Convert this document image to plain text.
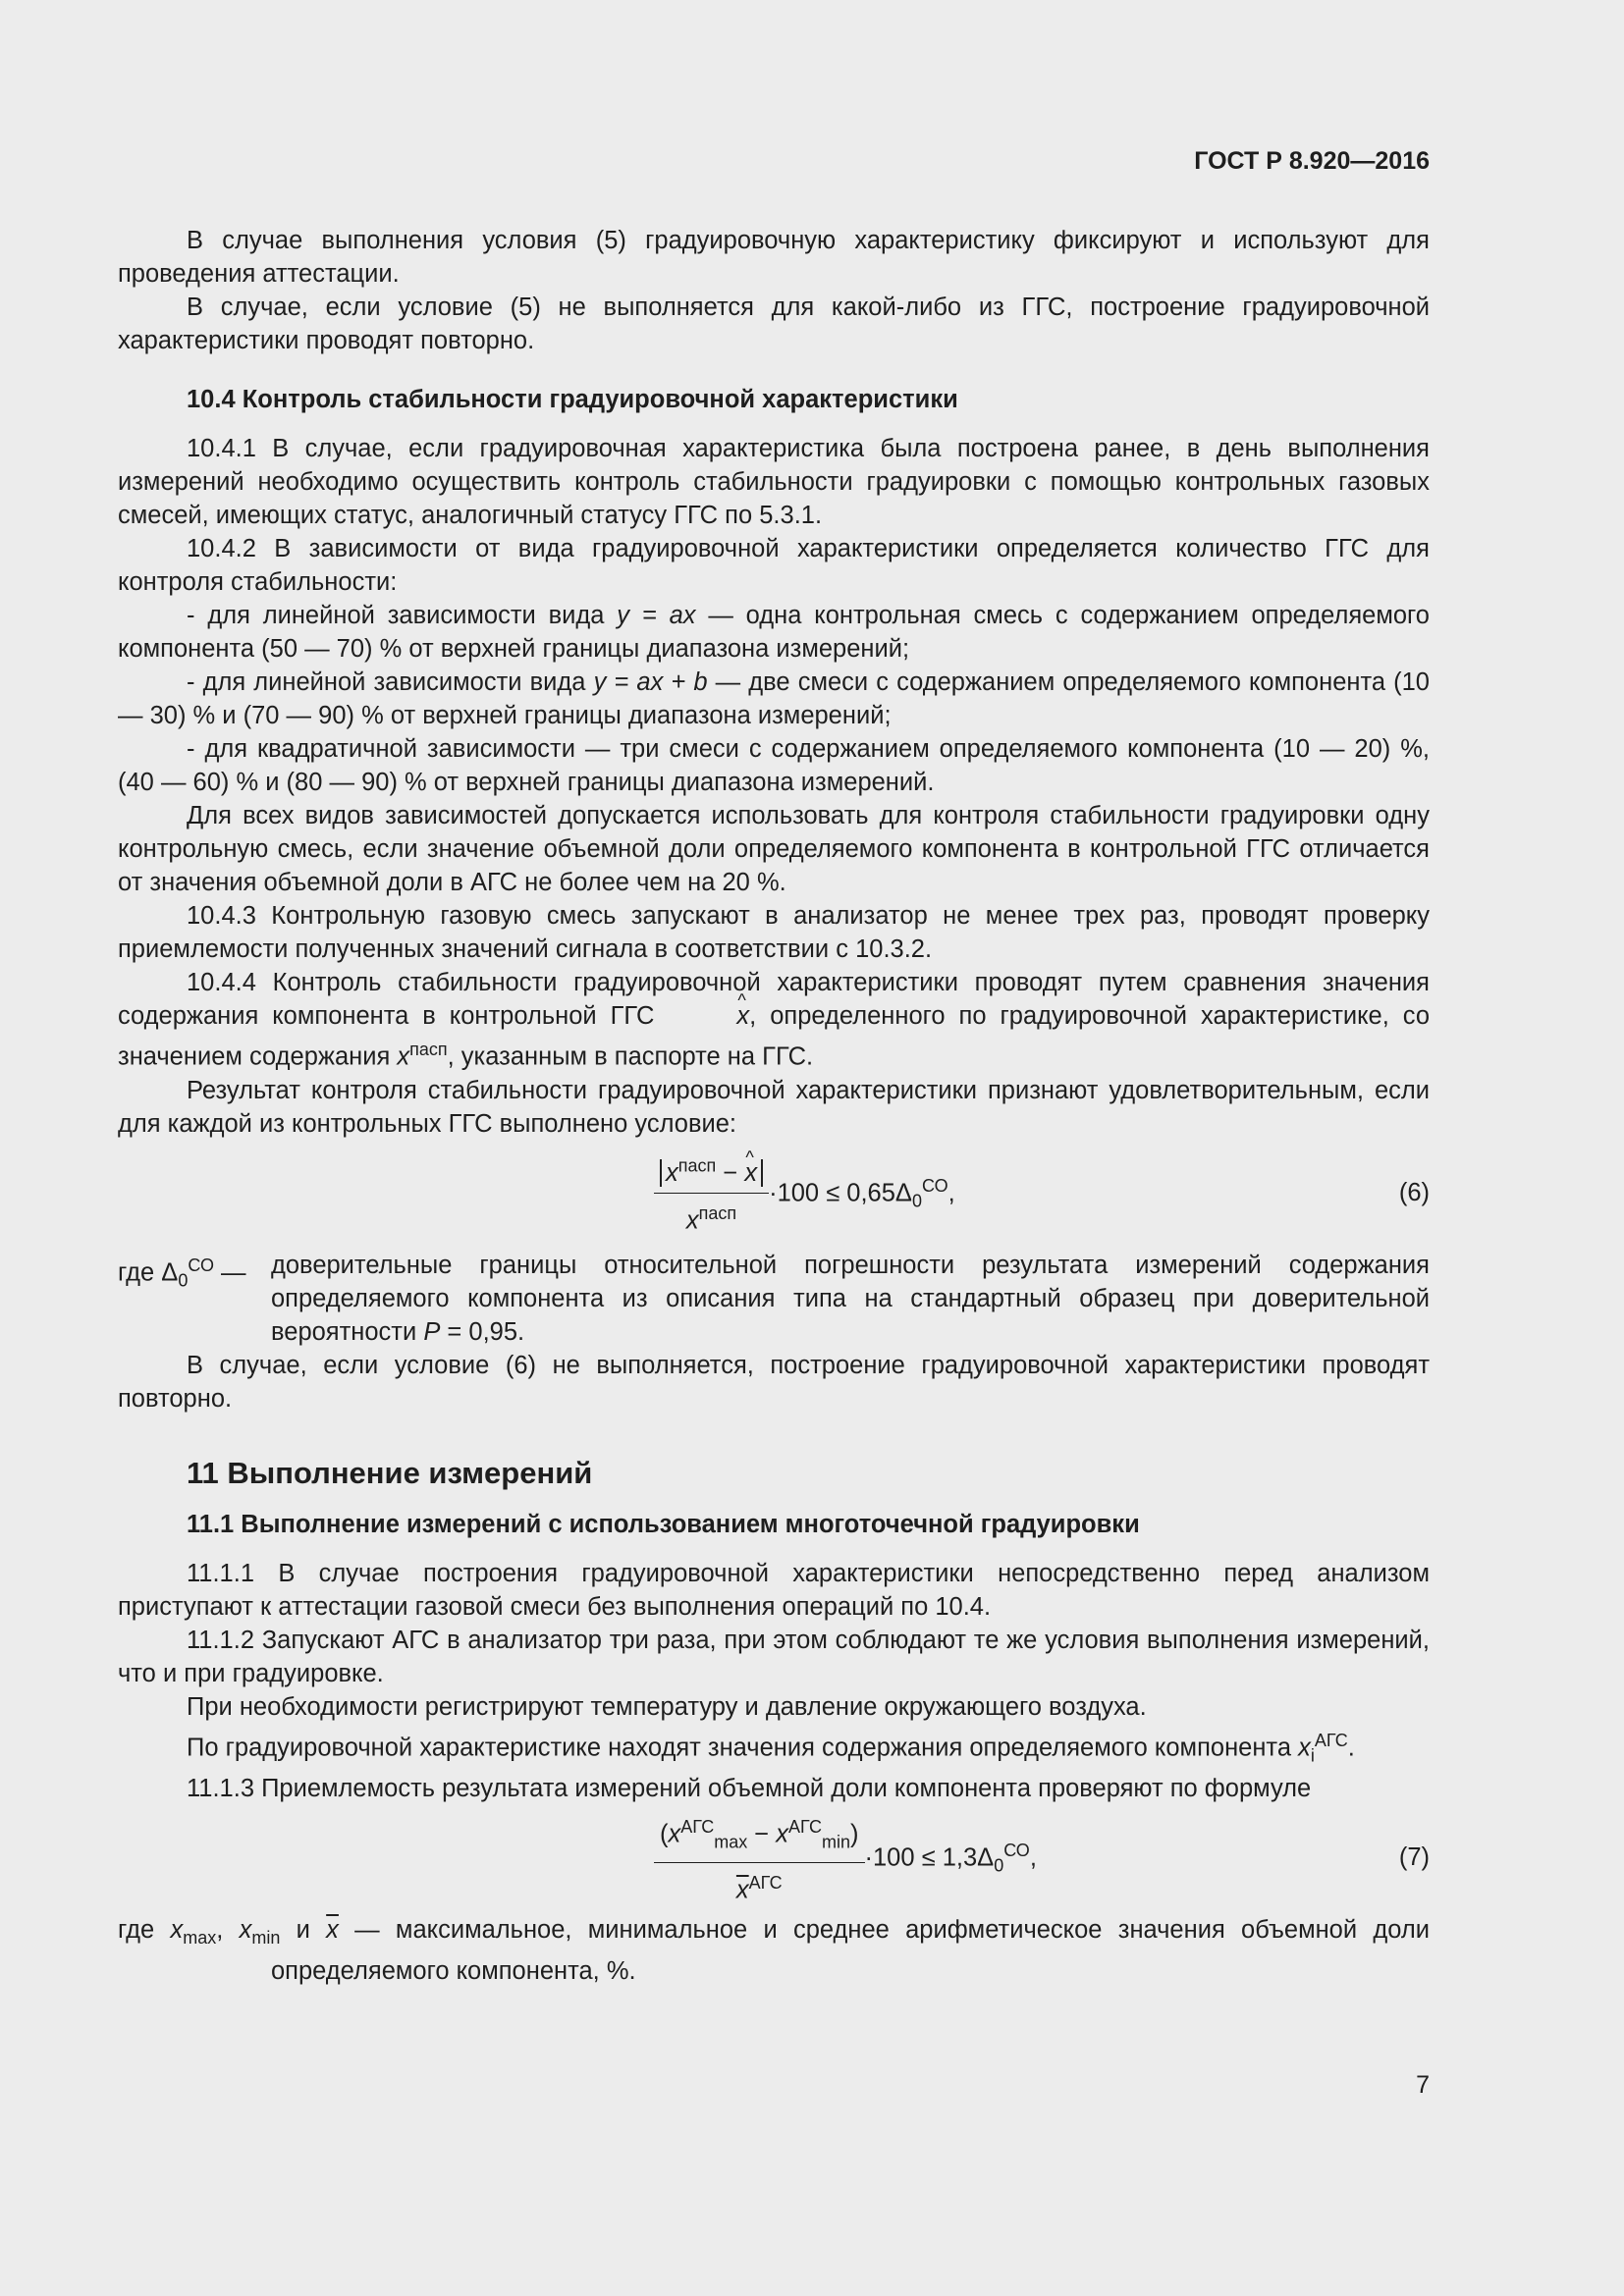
ГОСТ Р 8.920—2016

В случае выполнения условия (5) градуировочную характеристику фиксируют и используют для проведения аттестации.

В случае, если условие (5) не выполняется для какой-либо из ГГС, построение градуировочной характеристики проводят повторно.

10.4 Контроль стабильности градуировочной характеристики

10.4.1 В случае, если градуировочная характеристика была построена ранее, в день выполнения измерений необходимо осуществить контроль стабильности градуировки с помощью контрольных газовых смесей, имеющих статус, аналогичный статусу ГГС по 5.3.1.

10.4.2 В зависимости от вида градуировочной характеристики определяется количество ГГС для контроля стабильности:

- для линейной зависимости вида y = ax — одна контрольная смесь с содержанием определяемого компонента (50 — 70) % от верхней границы диапазона измерений;

- для линейной зависимости вида y = ax + b — две смеси с содержанием определяемого компонента (10 — 30) % и (70 — 90) % от верхней границы диапазона измерений;

- для квадратичной зависимости — три смеси с содержанием определяемого компонента (10 — 20) %, (40 — 60) % и (80 — 90) % от верхней границы диапазона измерений.

Для всех видов зависимостей допускается использовать для контроля стабильности градуировки одну контрольную смесь, если значение объемной доли определяемого компонента в контрольной ГГС отличается от значения объемной доли в АГС не более чем на 20 %.

10.4.3 Контрольную газовую смесь запускают в анализатор не менее трех раз, проводят проверку приемлемости полученных значений сигнала в соответствии с 10.3.2.

10.4.4 Контроль стабильности градуировочной характеристики проводят путем сравнения значения содержания компонента в контрольной ГГС	^ x, определенного по градуировочной характеристике, со значением содержания $x^{пасп}$, указанным в паспорте на ГГС.

Результат контроля стабильности градуировочной характеристики признают удовлетворительным, если для каждой из контрольных ГГС выполнено условие:

$\frac{x^{пасп} - \^{} x}{x^{пасп}} \cdot 100 \le 0,65\Delta_0^{СО}$,	(6)
где $\Delta_0^{СО}$ — доверительные границы относительной погрешности результата измерений содержания определяемого компонента из описания типа на стандартный образец при доверительной вероятности P = 0,95.

В случае, если условие (6) не выполняется, построение градуировочной характеристики проводят повторно.

11 Выполнение измерений
11.1 Выполнение измерений с использованием многоточечной градуировки

11.1.1 В случае построения градуировочной характеристики непосредственно перед анализом приступают к аттестации газовой смеси без выполнения операций по 10.4.

11.1.2 Запускают АГС в анализатор три раза, при этом соблюдают те же условия выполнения измерений, что и при градуировке.

При необходимости регистрируют температуру и давление окружающего воздуха.

По градуировочной характеристике находят значения содержания определяемого компонента $x_i^{АГС}$.

11.1.3 Приемлемость результата измерений объемной доли компонента проверяют по формуле

$\frac{(x^{АГС}_{max} - x^{АГС}_{min})}{\overline{x}^{АГС}} \cdot 100 \le 1,3\Delta_0^{СО}$,	(7)

где $x_{max}$, $x_{min}$ и $\overline{x}$ — максимальное, минимальное и среднее арифметическое значения объемной доли определяемого компонента, %.

7
